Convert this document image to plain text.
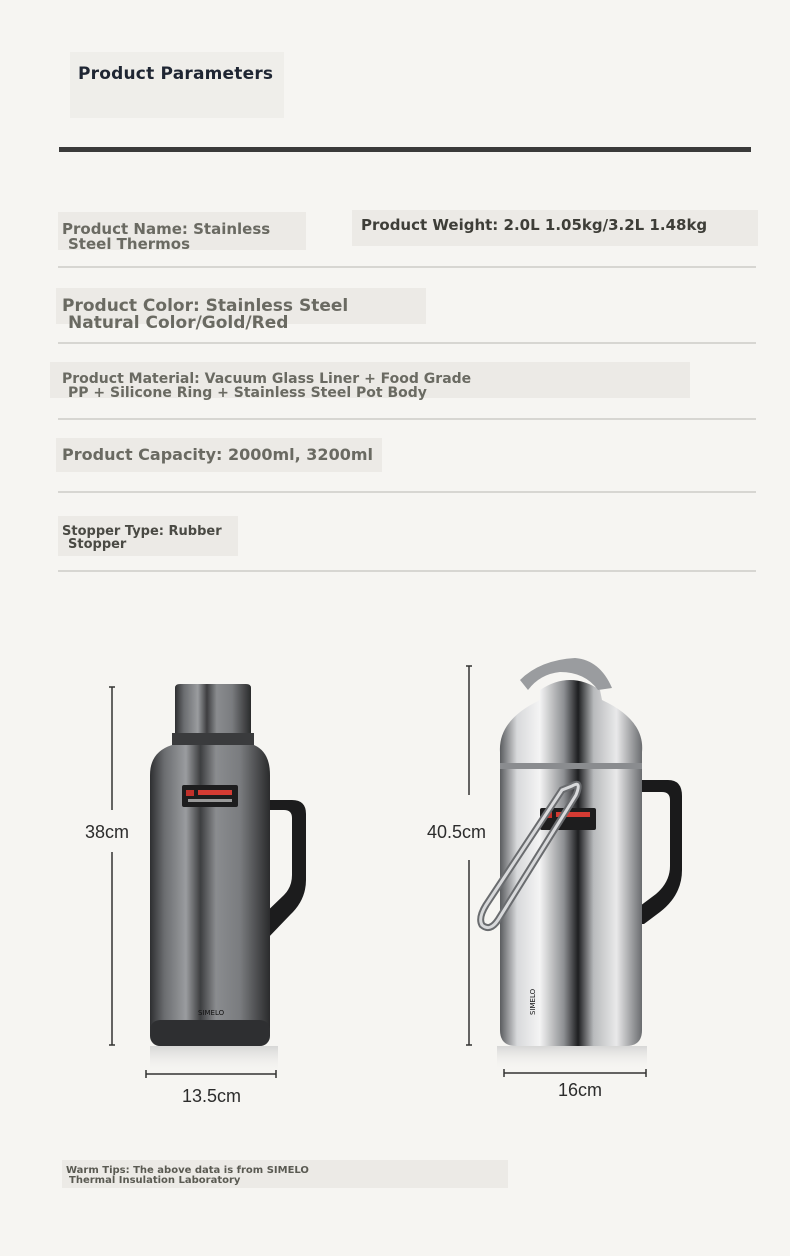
Product Parameters
Product Name: Stainless
Steel Thermos
Product Weight: 2.0L 1.05kg/3.2L 1.48kg
Product Color: Stainless Steel
Natural Color/Gold/Red
Product Material: Vacuum Glass Liner + Food Grade
PP + Silicone Ring + Stainless Steel Pot Body
Product Capacity: 2000ml, 3200ml
Stopper Type: Rubber
Stopper
SIMELO	SIMELO
38cm
13.5cm
40.5cm
16cm
Warm Tips: The above data is from SIMELO
Thermal Insulation Laboratory
